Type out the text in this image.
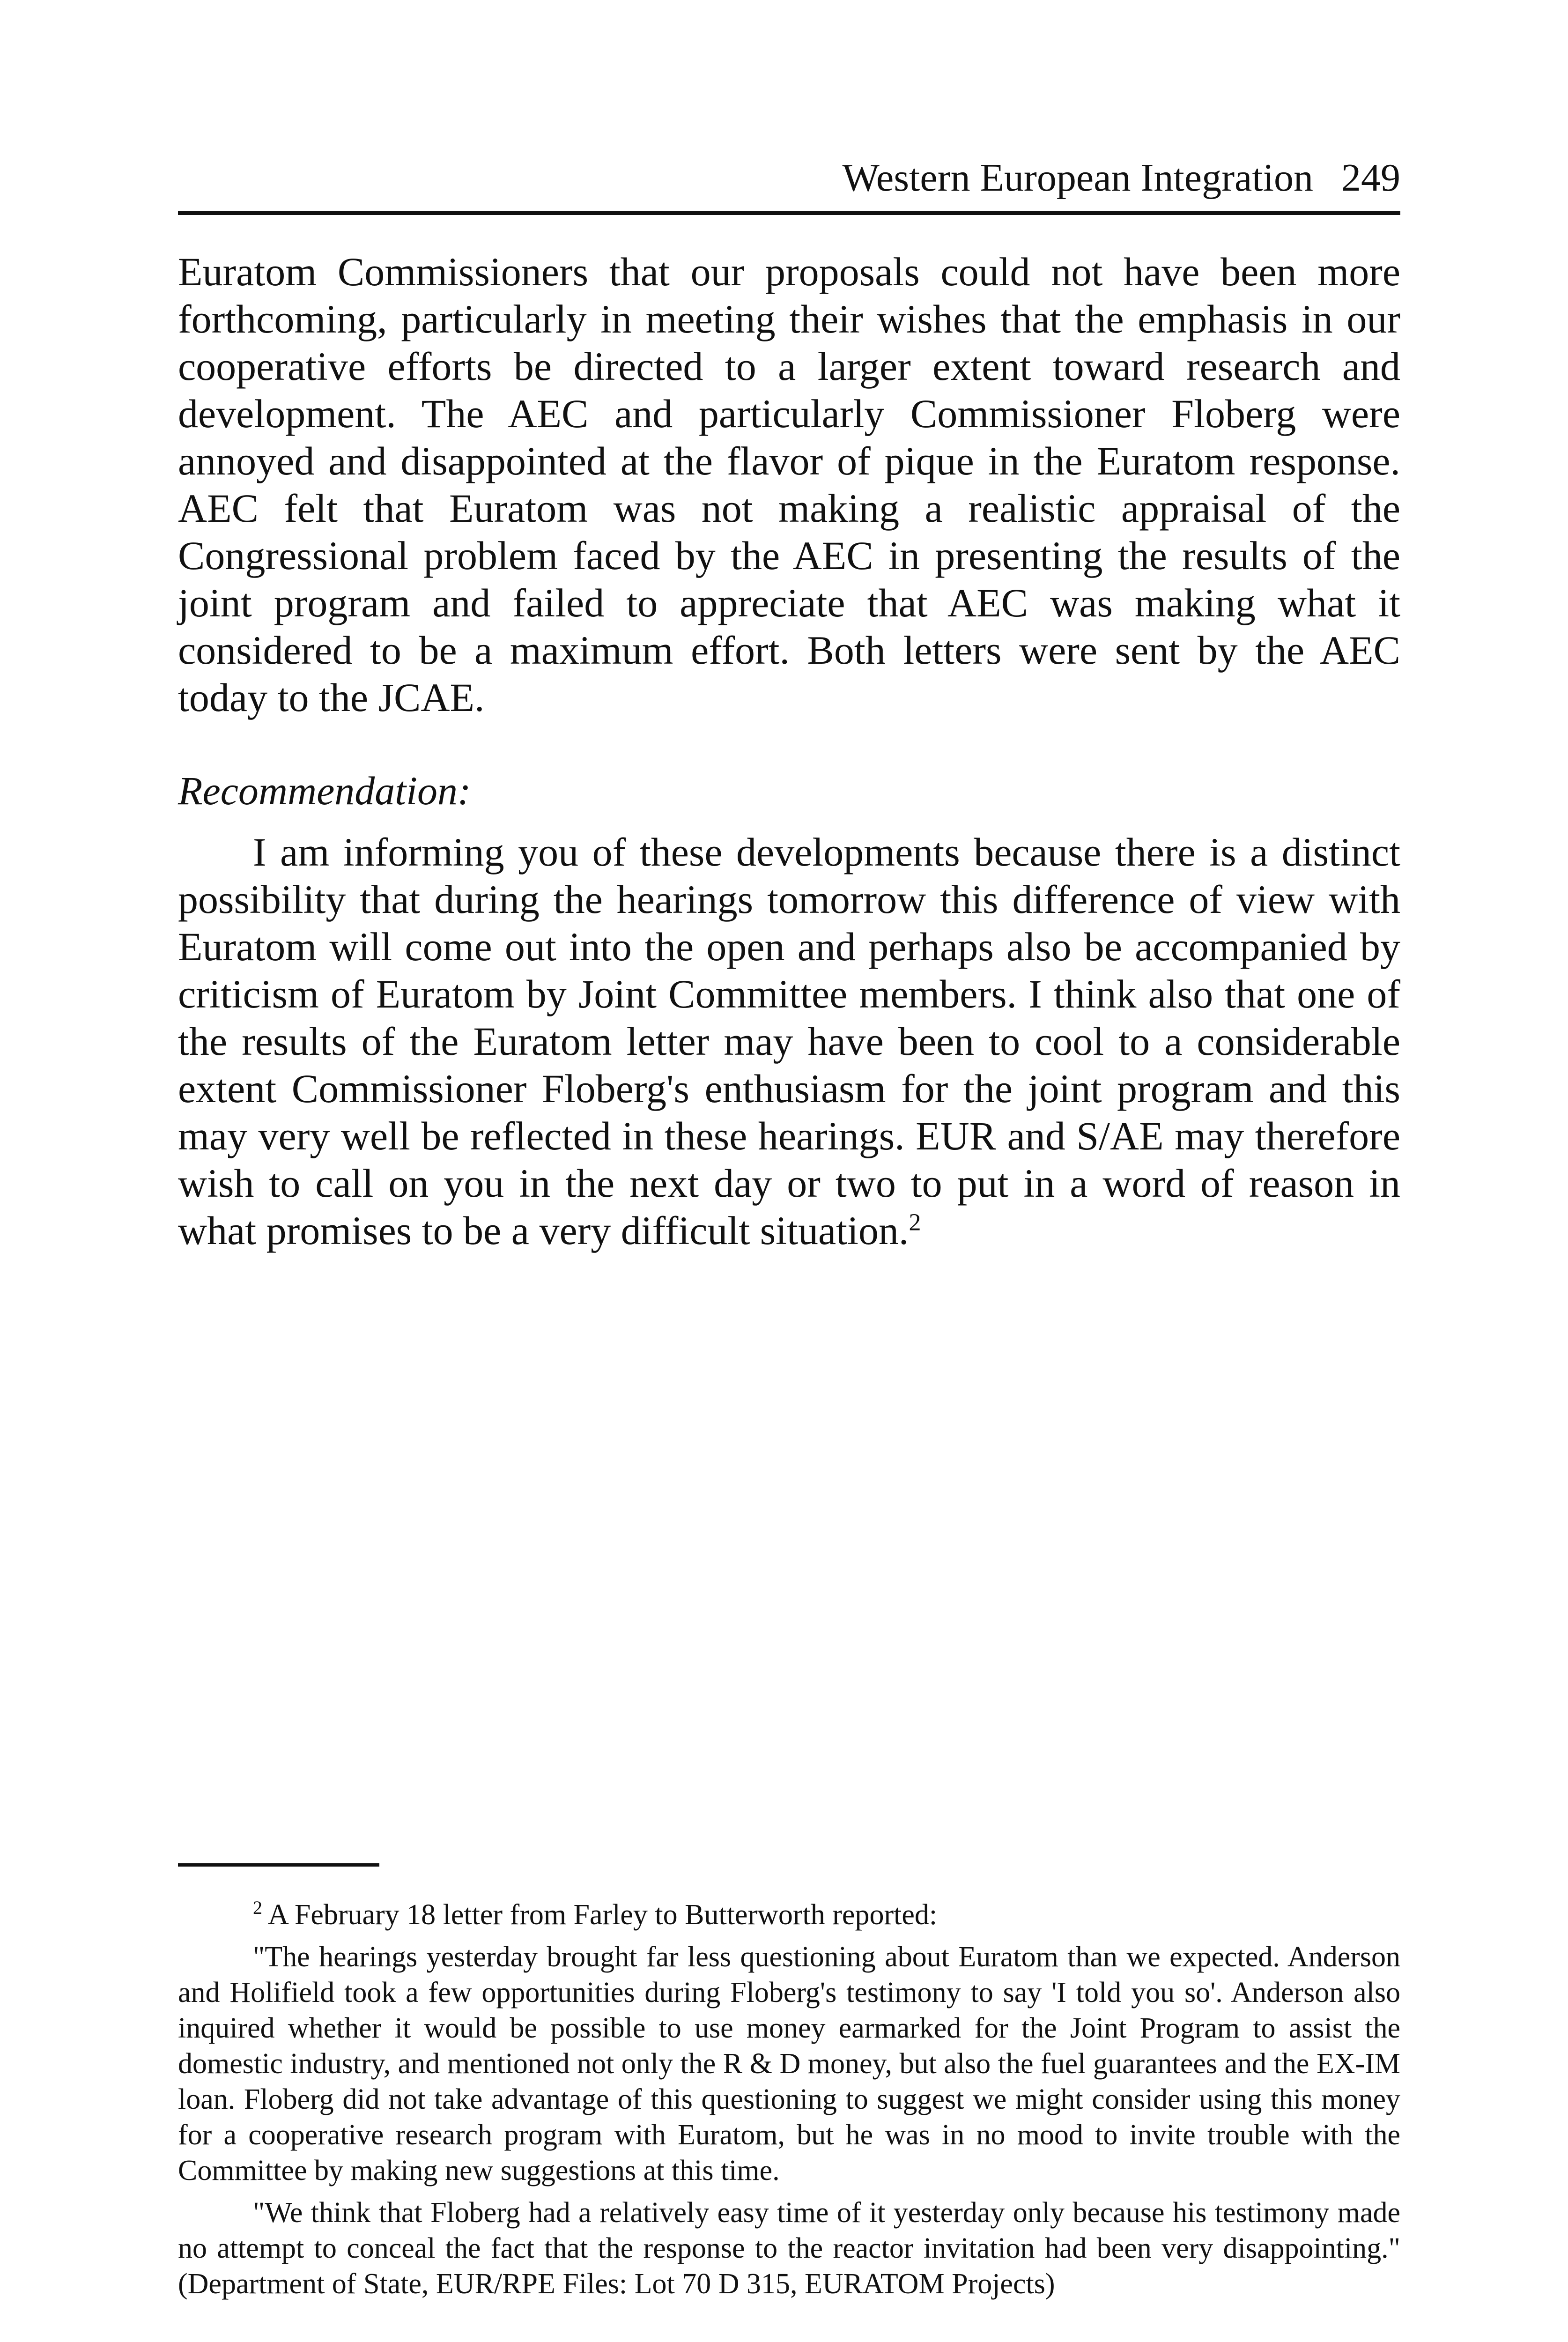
Western European Integration 249

Euratom Commissioners that our proposals could not have been more forthcoming, particularly in meeting their wishes that the emphasis in our cooperative efforts be directed to a larger extent toward research and development. The AEC and particularly Commissioner Floberg were annoyed and disappointed at the flavor of pique in the Euratom response. AEC felt that Euratom was not making a realistic appraisal of the Congressional problem faced by the AEC in presenting the results of the joint program and failed to appreciate that AEC was making what it considered to be a maximum effort. Both letters were sent by the AEC today to the JCAE.

Recommendation:

I am informing you of these developments because there is a distinct possibility that during the hearings tomorrow this difference of view with Euratom will come out into the open and perhaps also be accompanied by criticism of Euratom by Joint Committee members. I think also that one of the results of the Euratom letter may have been to cool to a considerable extent Commissioner Floberg's enthusiasm for the joint program and this may very well be reflected in these hearings. EUR and S/AE may therefore wish to call on you in the next day or two to put in a word of reason in what promises to be a very difficult situation.$^2$

$^2$ A February 18 letter from Farley to Butterworth reported:

"The hearings yesterday brought far less questioning about Euratom than we expected. Anderson and Holifield took a few opportunities during Floberg's testimony to say 'I told you so'. Anderson also inquired whether it would be possible to use money earmarked for the Joint Program to assist the domestic industry, and mentioned not only the R & D money, but also the fuel guarantees and the EX-IM loan. Floberg did not take advantage of this questioning to suggest we might consider using this money for a cooperative research program with Euratom, but he was in no mood to invite trouble with the Committee by making new suggestions at this time.

"We think that Floberg had a relatively easy time of it yesterday only because his testimony made no attempt to conceal the fact that the response to the reactor invitation had been very disappointing." (Department of State, EUR/RPE Files: Lot 70 D 315, EURATOM Projects)
